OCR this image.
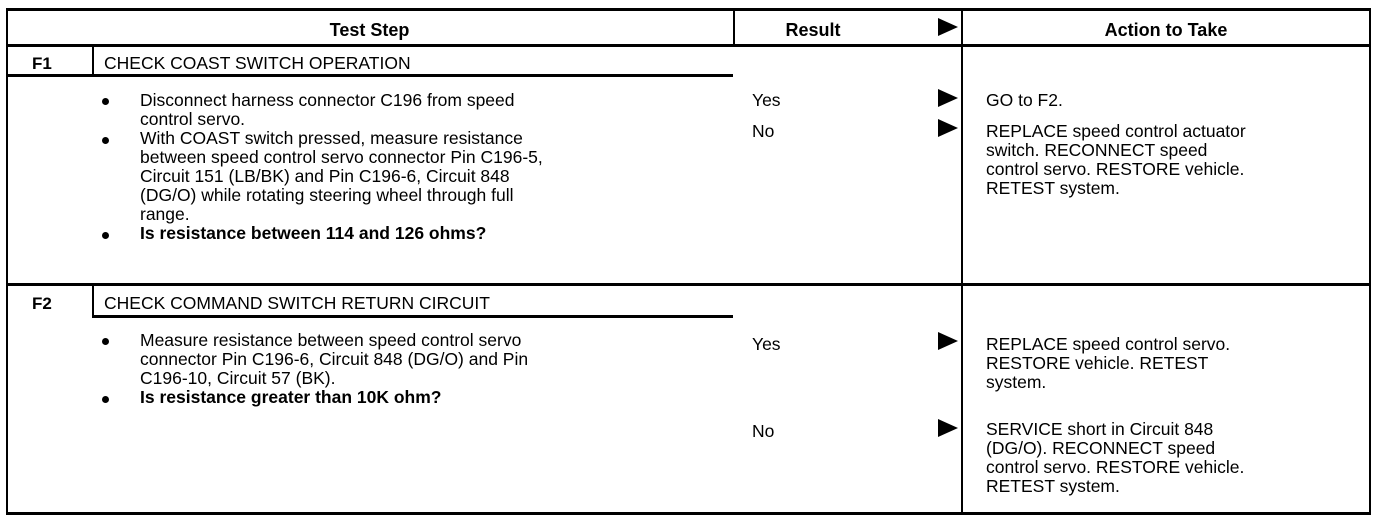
Test Step	Result	Action to Take
F1	CHECK COAST SWITCH OPERATION
Disconnect harness connector C196 from speed
control servo.
With COAST switch pressed, measure resistance
between speed control servo connector Pin C196-5,
Circuit 151 (LB/BK) and Pin C196-6, Circuit 848
(DG/O) while rotating steering wheel through full
range.
Is resistance between 114 and 126 ohms?
Yes	GO to F2.
No	REPLACE speed control actuator
switch. RECONNECT speed
control servo. RESTORE vehicle.
RETEST system.
F2	CHECK COMMAND SWITCH RETURN CIRCUIT
Measure resistance between speed control servo
connector Pin C196-6, Circuit 848 (DG/O) and Pin
C196-10, Circuit 57 (BK).
Is resistance greater than 10K ohm?
Yes	REPLACE speed control servo.
RESTORE vehicle. RETEST
system.
No	SERVICE short in Circuit 848
(DG/O). RECONNECT speed
control servo. RESTORE vehicle.
RETEST system.
